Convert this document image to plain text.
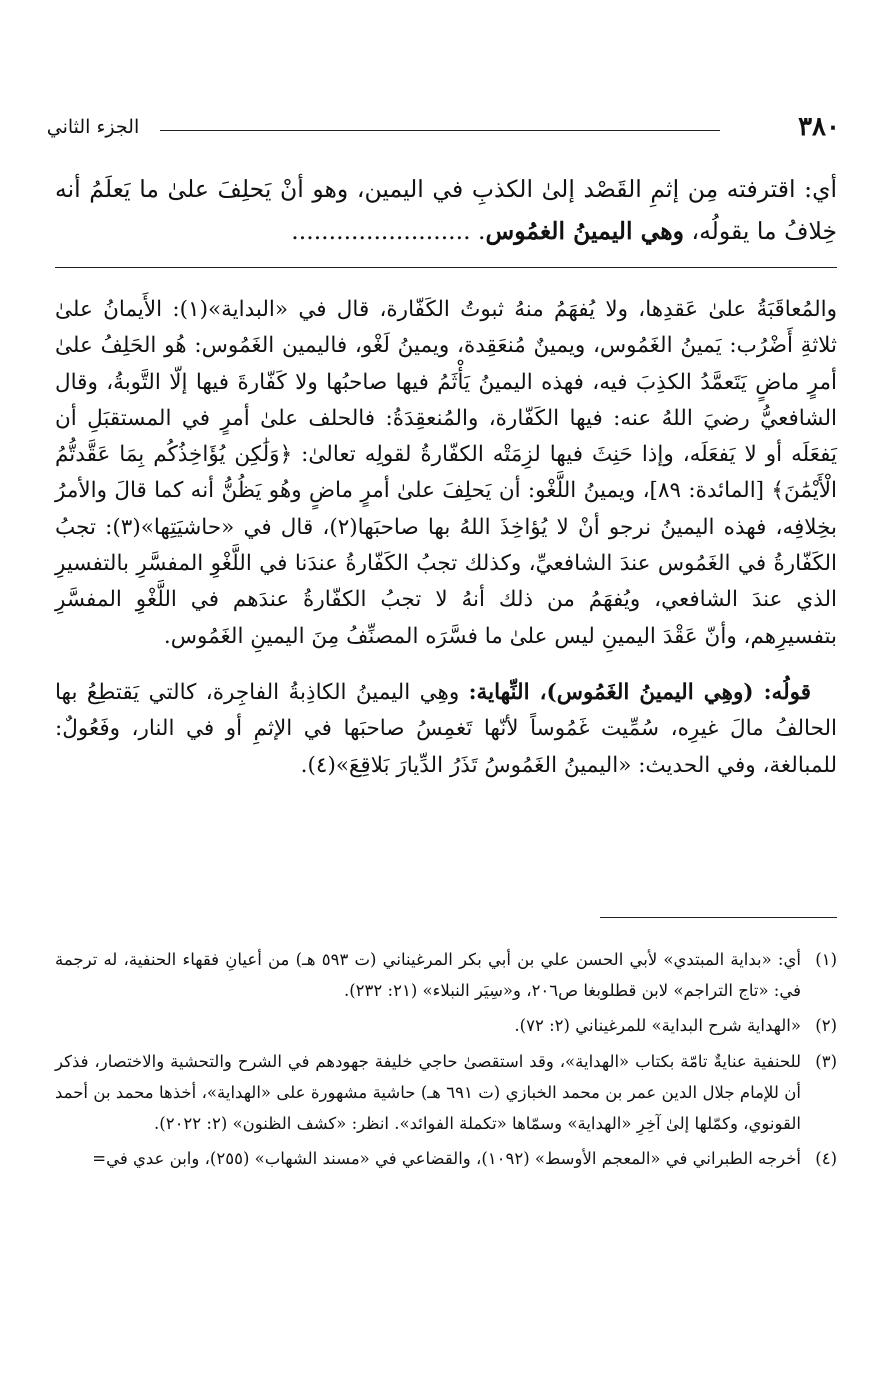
٣٨٠
الجزء الثاني
أي: اقترفته مِن إثمِ القَصْد إلىٰ الكذبِ في اليمين، وهو أنْ يَحلِفَ علىٰ ما يَعلَمُ أنه خِلافُ ما يقولُه، وهي اليمينُ الغمُوس. ........................

والمُعاقَبَةُ علىٰ عَقدِها، ولا يُفهَمُ منهُ ثبوتُ الكَفّارة، قال في «البداية»(١): الأَيمانُ علىٰ ثلاثةِ أَضْرُب: يَمينُ الغَمُوس، ويمينٌ مُنعَقِدة، ويمينُ لَغْو، فاليمين الغَمُوس: هُو الحَلِفُ علىٰ أمرٍ ماضٍ يَتَعمَّدُ الكذِبَ فيه، فهذه اليمينُ يَأْثَمُ فيها صاحبُها ولا كَفّارةَ فيها إلّا التَّوبةُ، وقال الشافعيُّ رضيَ اللهُ عنه: فيها الكَفّارة، والمُنعقِدَةُ: فالحلف علىٰ أمرٍ في المستقبَلِ أن يَفعَلَه أو لا يَفعَلَه، وإذا حَنِثَ فيها لزِمَتْه الكفّارةُ لقولِه تعالىٰ: ﴿وَلَٰكِن يُؤَاخِذُكُم بِمَا عَقَّدتُّمُ الْأَيْمَٰنَ﴾ [المائدة: ٨٩]، ويمينُ اللَّغْو: أن يَحلِفَ علىٰ أمرٍ ماضٍ وهُو يَظُنُّ أنه كما قالَ والأمرُ بخِلافِه، فهذه اليمينُ نرجو أنْ لا يُؤاخِذَ اللهُ بها صاحبَها(٢)، قال في «حاشيَتِها»(٣): تجبُ الكَفّارةُ في الغَمُوس عندَ الشافعيِّ، وكذلك تجبُ الكَفّارةُ عندَنا في اللَّغْوِ المفسَّرِ بالتفسيرِ الذي عندَ الشافعي، ويُفهَمُ من ذلك أنهُ لا تجبُ الكفّارةُ عندَهم في اللَّغْوِ المفسَّرِ بتفسيرِهم، وأنّ عَقْدَ اليمينِ ليس علىٰ ما فسَّرَه المصنِّفُ مِنَ اليمينِ الغَمُوس.

قولُه: (وهِي اليمينُ الغَمُوس)، النِّهاية: وهِي اليمينُ الكاذِبةُ الفاجِرة، كالتي يَقتطِعُ بها الحالفُ مالَ غيرِه، سُمِّيت غَمُوساً لأنّها تَغمِسُ صاحبَها في الإثمِ أو في النار، وفَعُولٌ: للمبالغة، وفي الحديث: «اليمينُ الغَمُوسُ تَذَرُ الدِّيارَ بَلاقِعَ»(٤).

(١)
أي: «بداية المبتدي» لأبي الحسن علي بن أبي بكر المرغيناني (ت ٥٩٣ هـ) من أعيانِ فقهاء الحنفية، له ترجمة في: «تاج التراجم» لابن قطلوبغا ص٢٠٦، و«سِيَر النبلاء» (٢١: ٢٣٢).
(٢)
«الهداية شرح البداية» للمرغيناني (٢: ٧٢).
(٣)
للحنفية عنايةٌ تامّة بكتاب «الهداية»، وقد استقصىٰ حاجي خليفة جهودهم في الشرح والتحشية والاختصار، فذكر أن للإمام جلال الدين عمر بن محمد الخبازي (ت ٦٩١ هـ) حاشية مشهورة على «الهداية»، أخذها محمد بن أحمد القونوي، وكمّلها إلىٰ آخِرِ «الهداية» وسمّاها «تكملة الفوائد». انظر: «كشف الظنون» (٢: ٢٠٢٢).
(٤)
أخرجه الطبراني في «المعجم الأوسط» (١٠٩٢)، والقضاعي في «مسند الشهاب» (٢٥٥)، وابن عدي في=
